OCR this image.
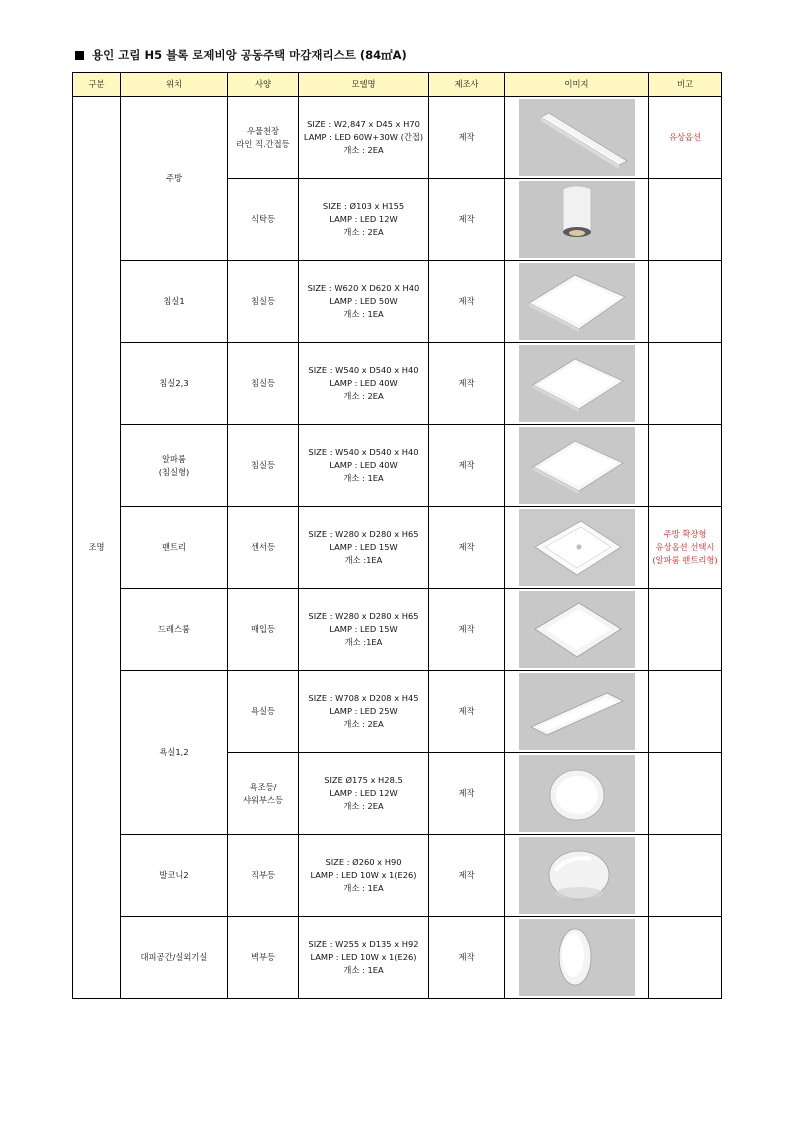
용인 고림 H5 블록 로제비앙 공동주택 마감재리스트 (84㎡A)
구분	위치	사양	모델명	제조사	이미지	비고
조명	주방	우물천장
라인 직.간접등	SIZE : W2,847 x D45 x H70
LAMP : LED 60W+30W (간접)
개소 : 2EA	제작		유상옵션
		식탁등	SIZE : Ø103 x H155
LAMP : LED 12W
개소 : 2EA	제작	

	침실1	침실등	SIZE : W620 X D620 X H40
LAMP : LED 50W
개소 : 1EA	제작	

	침실2,3	침실등	SIZE : W540 x D540 x H40
LAMP : LED 40W
개소 : 2EA	제작	

	알파룸
(침실형)	침실등	SIZE : W540 x D540 x H40
LAMP : LED 40W
개소 : 1EA	제작	

	팬트리	센서등	SIZE : W280 x D280 x H65
LAMP : LED 15W
개소 :1EA	제작		주방 확장형
유상옵션 선택시
(알파룸 팬트리형)
	드레스룸	매입등	SIZE : W280 x D280 x H65
LAMP : LED 15W
개소 :1EA	제작	

	욕실1,2	욕실등	SIZE : W708 x D208 x H45
LAMP : LED 25W
개소 : 2EA	제작	

		욕조등/
샤워부스등	SIZE Ø175 x H28.5
LAMP : LED 12W
개소 : 2EA	제작	

	발코니2	직부등	SIZE : Ø260 x H90
LAMP : LED 10W x 1(E26)
개소 : 1EA	제작	

	대피공간/실외기실	벽부등	SIZE : W255 x D135 x H92
LAMP : LED 10W x 1(E26)
개소 : 1EA	제작	
